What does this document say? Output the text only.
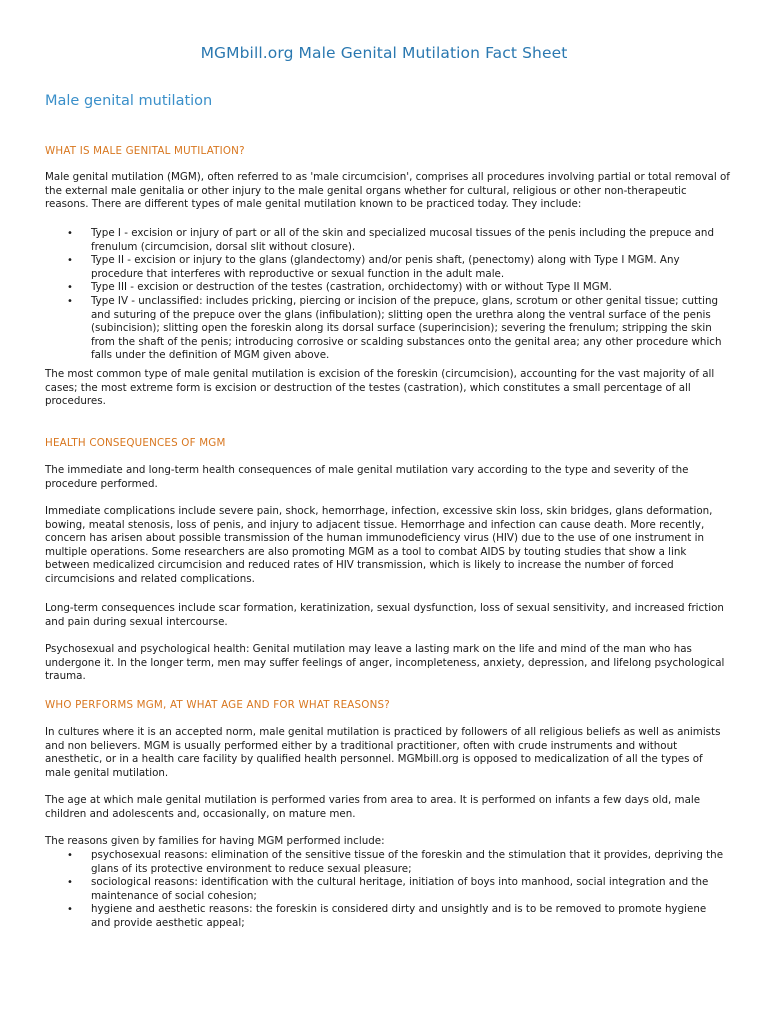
MGMbill.org Male Genital Mutilation Fact Sheet
Male genital mutilation
WHAT IS MALE GENITAL MUTILATION?

Male genital mutilation (MGM), often referred to as 'male circumcision', comprises all procedures involving partial or total removal of the external male genitalia or other injury to the male genital organs whether for cultural, religious or other non-therapeutic reasons. There are different types of male genital mutilation known to be practiced today. They include:

• Type I - excision or injury of part or all of the skin and specialized mucosal tissues of the penis including the prepuce and frenulum (circumcision, dorsal slit without closure).
• Type II - excision or injury to the glans (glandectomy) and/or penis shaft, (penectomy) along with Type I MGM. Any procedure that interferes with reproductive or sexual function in the adult male.
• Type III - excision or destruction of the testes (castration, orchidectomy) with or without Type II MGM.
• Type IV - unclassified: includes pricking, piercing or incision of the prepuce, glans, scrotum or other genital tissue; cutting and suturing of the prepuce over the glans (infibulation); slitting open the urethra along the ventral surface of the penis (subincision); slitting open the foreskin along its dorsal surface (superincision); severing the frenulum; stripping the skin from the shaft of the penis; introducing corrosive or scalding substances onto the genital area; any other procedure which falls under the definition of MGM given above.

The most common type of male genital mutilation is excision of the foreskin (circumcision), accounting for the vast majority of all cases; the most extreme form is excision or destruction of the testes (castration), which constitutes a small percentage of all procedures.

HEALTH CONSEQUENCES OF MGM

The immediate and long-term health consequences of male genital mutilation vary according to the type and severity of the procedure performed.

Immediate complications include severe pain, shock, hemorrhage, infection, excessive skin loss, skin bridges, glans deformation, bowing, meatal stenosis, loss of penis, and injury to adjacent tissue. Hemorrhage and infection can cause death. More recently, concern has arisen about possible transmission of the human immunodeficiency virus (HIV) due to the use of one instrument in multiple operations. Some researchers are also promoting MGM as a tool to combat AIDS by touting studies that show a link between medicalized circumcision and reduced rates of HIV transmission, which is likely to increase the number of forced circumcisions and related complications.

Long-term consequences include scar formation, keratinization, sexual dysfunction, loss of sexual sensitivity, and increased friction and pain during sexual intercourse.

Psychosexual and psychological health: Genital mutilation may leave a lasting mark on the life and mind of the man who has undergone it. In the longer term, men may suffer feelings of anger, incompleteness, anxiety, depression, and lifelong psychological trauma.

WHO PERFORMS MGM, AT WHAT AGE AND FOR WHAT REASONS?

In cultures where it is an accepted norm, male genital mutilation is practiced by followers of all religious beliefs as well as animists and non believers. MGM is usually performed either by a traditional practitioner, often with crude instruments and without anesthetic, or in a health care facility by qualified health personnel. MGMbill.org is opposed to medicalization of all the types of male genital mutilation.

The age at which male genital mutilation is performed varies from area to area. It is performed on infants a few days old, male children and adolescents and, occasionally, on mature men.

The reasons given by families for having MGM performed include:

• psychosexual reasons: elimination of the sensitive tissue of the foreskin and the stimulation that it provides, depriving the glans of its protective environment to reduce sexual pleasure;
• sociological reasons: identification with the cultural heritage, initiation of boys into manhood, social integration and the maintenance of social cohesion;
• hygiene and aesthetic reasons: the foreskin is considered dirty and unsightly and is to be removed to promote hygiene and provide aesthetic appeal;
